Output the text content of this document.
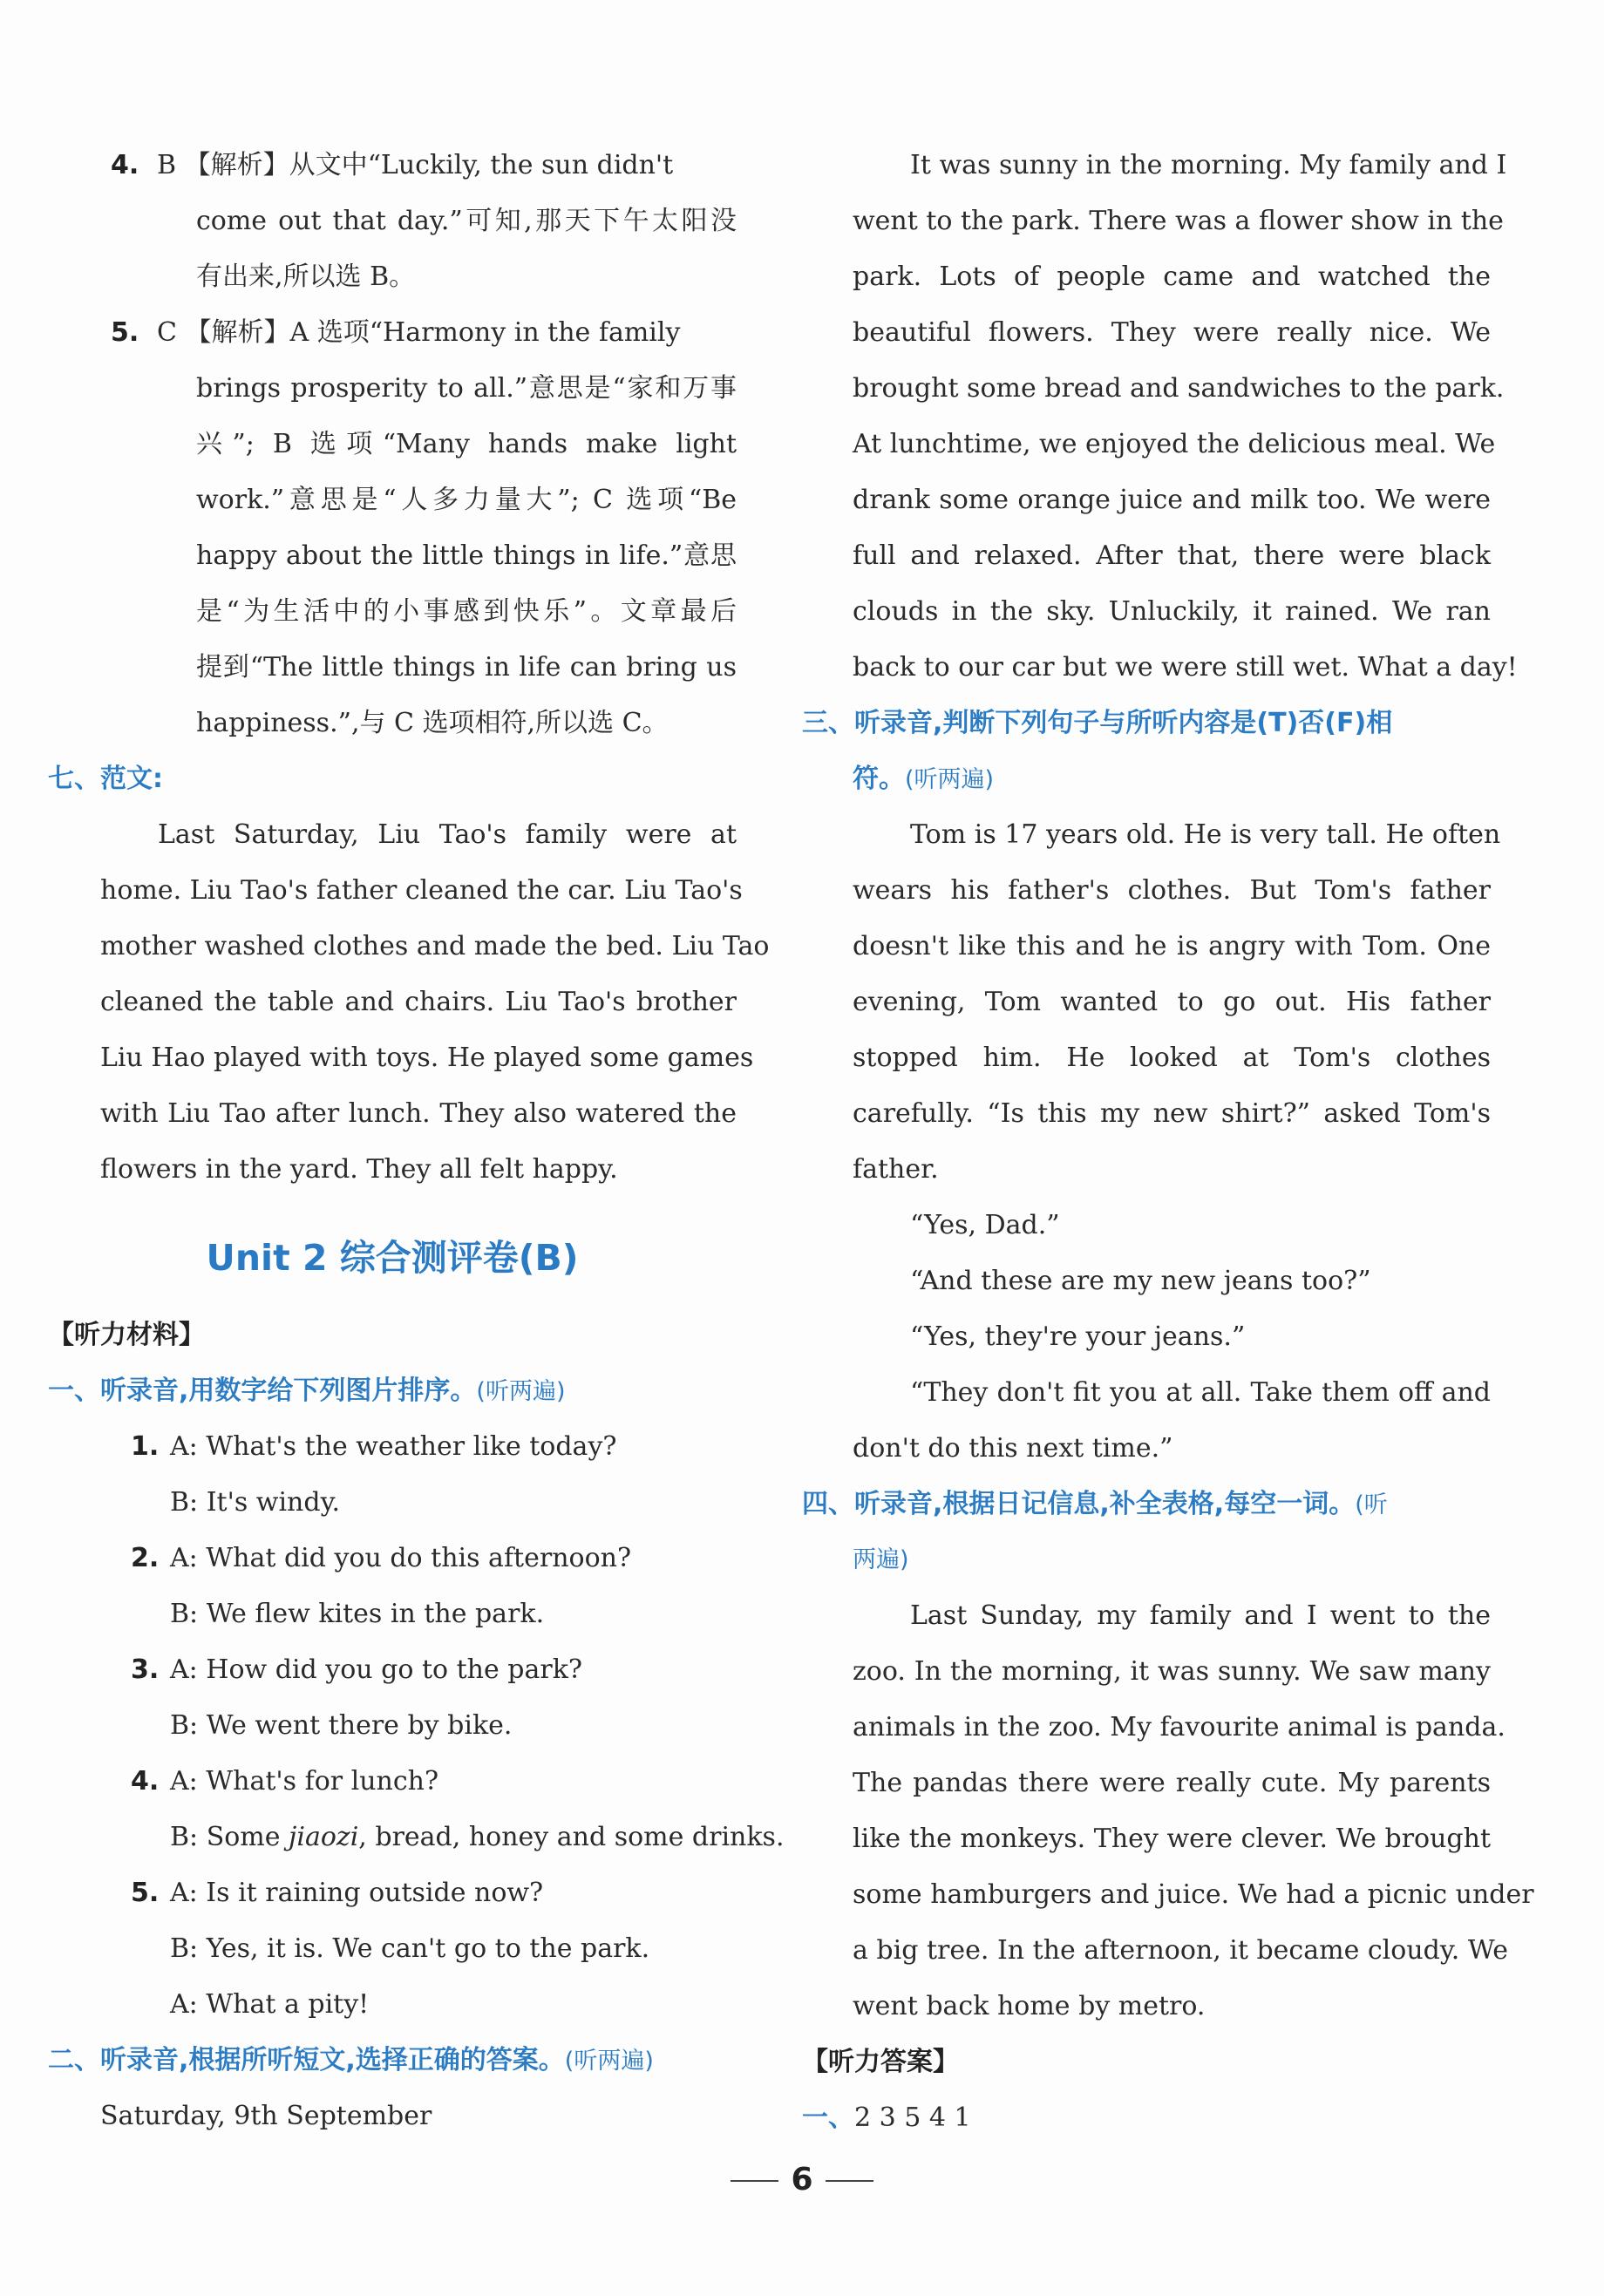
4. B 【解析】从文中“Luckily, the sun didn't
come out that day.”可知,那天下午太阳没
有出来,所以选 B。
5. C 【解析】A 选项“Harmony in the family
brings prosperity to all.”意思是“家和万事
兴”; B 选项“Many hands make light
work.”意思是“人多力量大”; C 选项“Be
happy about the little things in life.”意思
是“为生活中的小事感到快乐”。文章最后
提到“The little things in life can bring us
happiness.”,与 C 选项相符,所以选 C。
七、范文:
Last Saturday, Liu Tao's family were at
home. Liu Tao's father cleaned the car. Liu Tao's
mother washed clothes and made the bed. Liu Tao
cleaned the table and chairs. Liu Tao's brother
Liu Hao played with toys. He played some games
with Liu Tao after lunch. They also watered the
flowers in the yard. They all felt happy.
Unit 2 综合测评卷(B)
【听力材料】
一、听录音,用数字给下列图片排序。(听两遍)
1. A: What's the weather like today?
B: It's windy.
2. A: What did you do this afternoon?
B: We flew kites in the park.
3. A: How did you go to the park?
B: We went there by bike.
4. A: What's for lunch?
B: Some jiaozi, bread, honey and some drinks.
5. A: Is it raining outside now?
B: Yes, it is. We can't go to the park.
A: What a pity!
二、听录音,根据所听短文,选择正确的答案。(听两遍)
Saturday, 9th September
It was sunny in the morning. My family and I
went to the park. There was a flower show in the
park. Lots of people came and watched the
beautiful flowers. They were really nice. We
brought some bread and sandwiches to the park.
At lunchtime, we enjoyed the delicious meal. We
drank some orange juice and milk too. We were
full and relaxed. After that, there were black
clouds in the sky. Unluckily, it rained. We ran
back to our car but we were still wet. What a day!
三、听录音,判断下列句子与所听内容是(T)否(F)相
符。(听两遍)
Tom is 17 years old. He is very tall. He often
wears his father's clothes. But Tom's father
doesn't like this and he is angry with Tom. One
evening, Tom wanted to go out. His father
stopped him. He looked at Tom's clothes
carefully. “Is this my new shirt?” asked Tom's
father.
“Yes, Dad.”
“And these are my new jeans too?”
“Yes, they're your jeans.”
“They don't fit you at all. Take them off and
don't do this next time.”
四、听录音,根据日记信息,补全表格,每空一词。(听
两遍)
Last Sunday, my family and I went to the
zoo. In the morning, it was sunny. We saw many
animals in the zoo. My favourite animal is panda.
The pandas there were really cute. My parents
like the monkeys. They were clever. We brought
some hamburgers and juice. We had a picnic under
a big tree. In the afternoon, it became cloudy. We
went back home by metro.
【听力答案】
一、2 3 5 4 1
6
